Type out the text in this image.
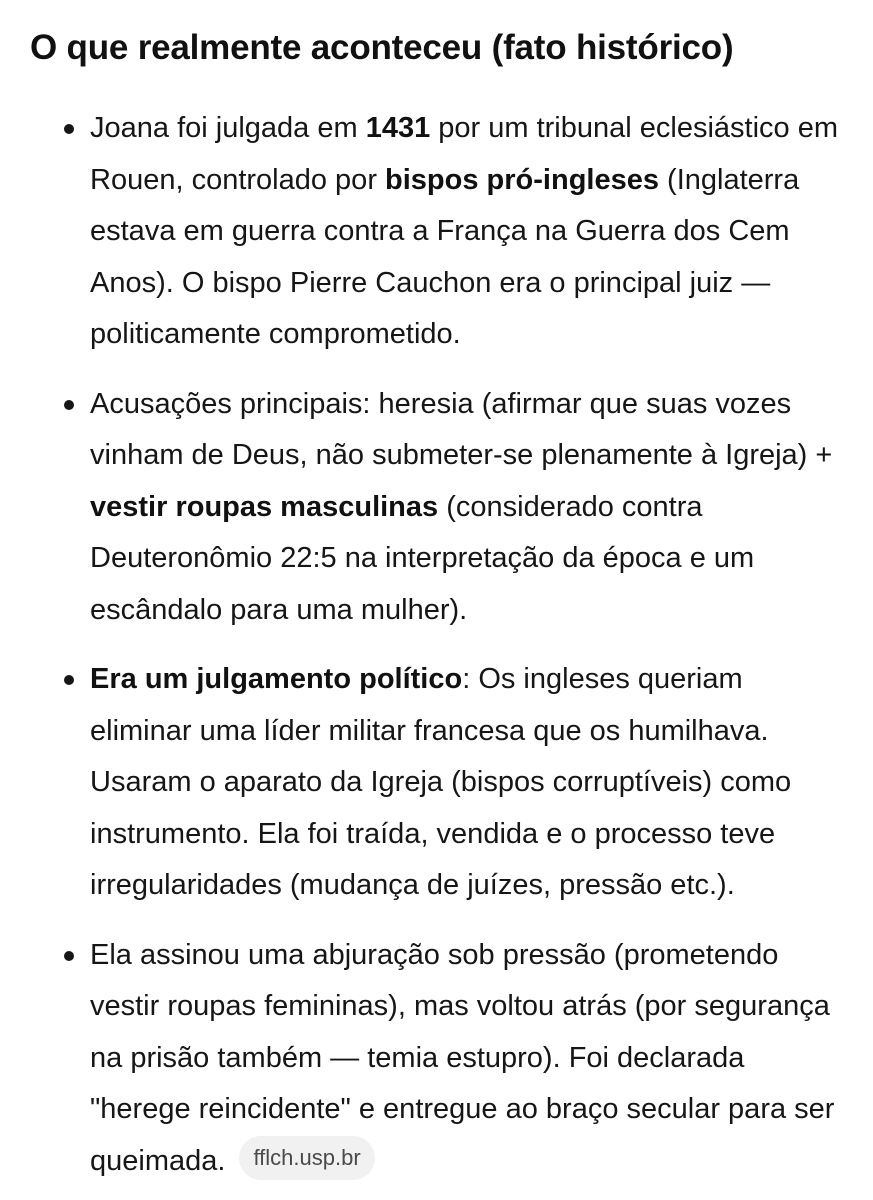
O que realmente aconteceu (fato histórico)
Joana foi julgada em 1431 por um tribunal eclesiástico em Rouen, controlado por bispos pró-ingleses (Inglaterra estava em guerra contra a França na Guerra dos Cem Anos). O bispo Pierre Cauchon era o principal juiz — politicamente comprometido.
Acusações principais: heresia (afirmar que suas vozes vinham de Deus, não submeter-se plenamente à Igreja) + vestir roupas masculinas (considerado contra Deuteronômio 22:5 na interpretação da época e um escândalo para uma mulher).
Era um julgamento político: Os ingleses queriam eliminar uma líder militar francesa que os humilhava. Usaram o aparato da Igreja (bispos corruptíveis) como instrumento. Ela foi traída, vendida e o processo teve irregularidades (mudança de juízes, pressão etc.).
Ela assinou uma abjuração sob pressão (prometendo vestir roupas femininas), mas voltou atrás (por segurança na prisão também — temia estupro). Foi declarada "herege reincidente" e entregue ao braço secular para ser queimada. fflch.usp.br
